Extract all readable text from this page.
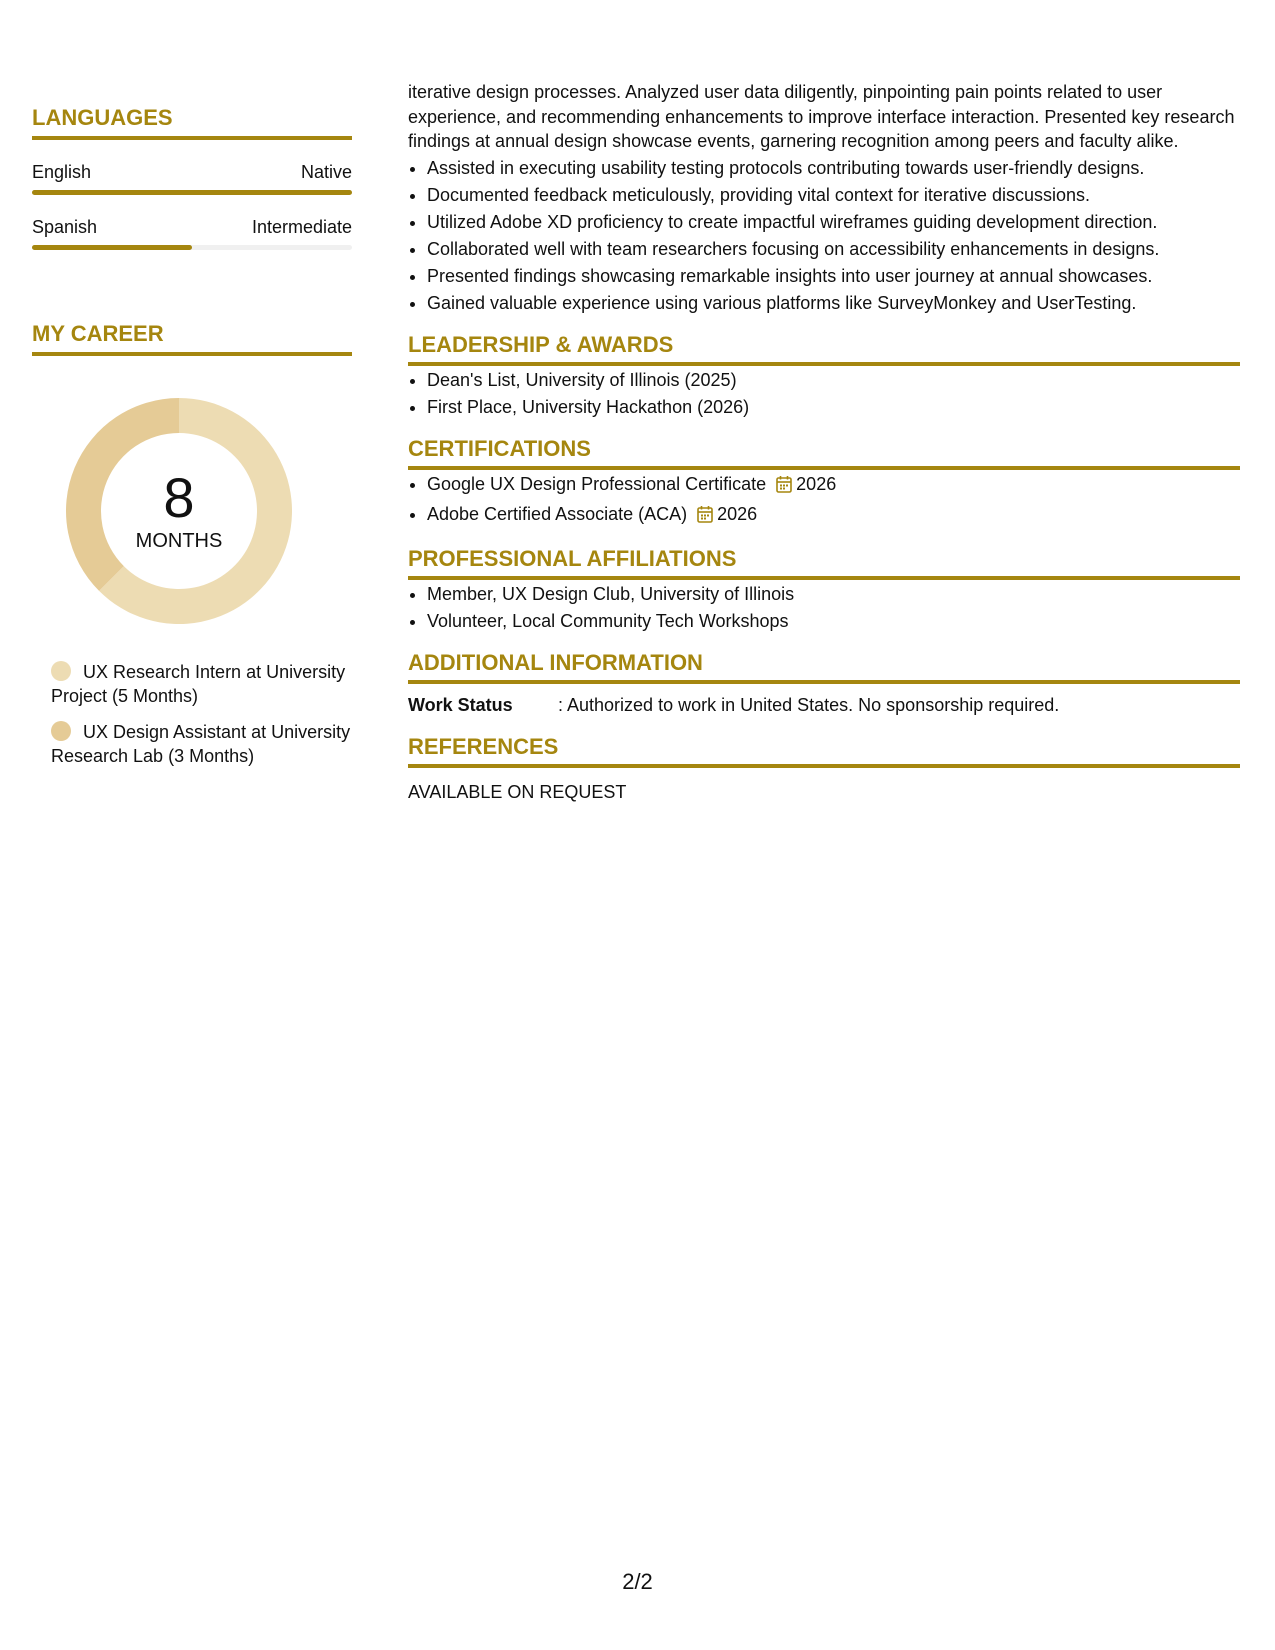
LANGUAGES
English	Native
Spanish	Intermediate
MY CAREER
8
MONTHS
UX Research Intern at University Project (5 Months)
UX Design Assistant at University Research Lab (3 Months)

iterative design processes. Analyzed user data diligently, pinpointing pain points related to user experience, and recommending enhancements to improve interface interaction. Presented key research findings at annual design showcase events, garnering recognition among peers and faculty alike.

• Assisted in executing usability testing protocols contributing towards user-friendly designs.
• Documented feedback meticulously, providing vital context for iterative discussions.
• Utilized Adobe XD proficiency to create impactful wireframes guiding development direction.
• Collaborated well with team researchers focusing on accessibility enhancements in designs.
• Presented findings showcasing remarkable insights into user journey at annual showcases.
• Gained valuable experience using various platforms like SurveyMonkey and UserTesting.
LEADERSHIP & AWARDS
• Dean's List, University of Illinois (2025)
• First Place, University Hackathon (2026)
CERTIFICATIONS
• Google UX Design Professional Certificate 2026
• Adobe Certified Associate (ACA) 2026
PROFESSIONAL AFFILIATIONS
• Member, UX Design Club, University of Illinois
• Volunteer, Local Community Tech Workshops
ADDITIONAL INFORMATION
Work Status	: Authorized to work in United States. No sponsorship required.
REFERENCES
AVAILABLE ON REQUEST
2/2
